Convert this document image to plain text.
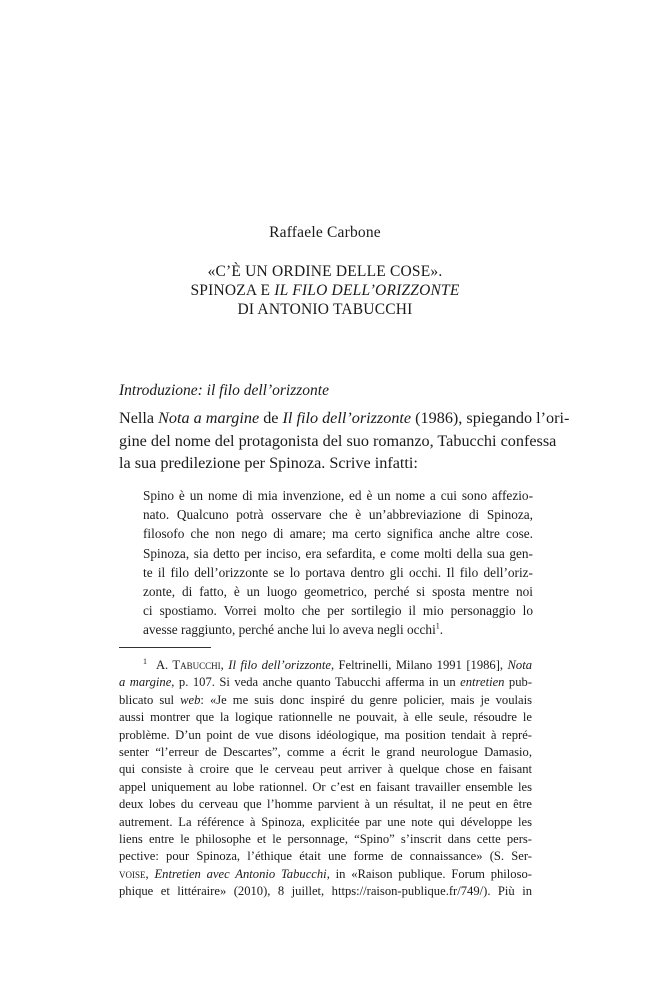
Raffaele Carbone
«C’È UN ORDINE DELLE COSE».
SPINOZA E IL FILO DELL’ORIZZONTE
DI ANTONIO TABUCCHI
Introduzione: il filo dell’orizzonte
Nella Nota a margine de Il filo dell’orizzonte (1986), spiegando l’ori-
gine del nome del protagonista del suo romanzo, Tabucchi confessa
la sua predilezione per Spinoza. Scrive infatti:
Spino è un nome di mia invenzione, ed è un nome a cui sono affezio-
nato. Qualcuno potrà osservare che è un’abbreviazione di Spinoza,
filosofo che non nego di amare; ma certo significa anche altre cose.
Spinoza, sia detto per inciso, era sefardita, e come molti della sua gen-
te il filo dell’orizzonte se lo portava dentro gli occhi. Il filo dell’oriz-
zonte, di fatto, è un luogo geometrico, perché si sposta mentre noi
ci spostiamo. Vorrei molto che per sortilegio il mio personaggio lo
avesse raggiunto, perché anche lui lo aveva negli occhi$^1$.
$^1$ A. Tabucchi, Il filo dell’orizzonte, Feltrinelli, Milano 1991 [1986], Nota
a margine, p. 107. Si veda anche quanto Tabucchi afferma in un entretien pub-
blicato sul web: «Je me suis donc inspiré du genre policier, mais je voulais
aussi montrer que la logique rationnelle ne pouvait, à elle seule, résoudre le
problème. D’un point de vue disons idéologique, ma position tendait à repré-
senter “l’erreur de Descartes”, comme a écrit le grand neurologue Damasio,
qui consiste à croire que le cerveau peut arriver à quelque chose en faisant
appel uniquement au lobe rationnel. Or c’est en faisant travailler ensemble les
deux lobes du cerveau que l’homme parvient à un résultat, il ne peut en être
autrement. La référence à Spinoza, explicitée par une note qui développe les
liens entre le philosophe et le personnage, “Spino” s’inscrit dans cette pers-
pective: pour Spinoza, l’éthique était une forme de connaissance» (S. Ser-
voise, Entretien avec Antonio Tabucchi, in «Raison publique. Forum philoso-
phique et littéraire» (2010), 8 juillet, https://raison-publique.fr/749/). Più in
